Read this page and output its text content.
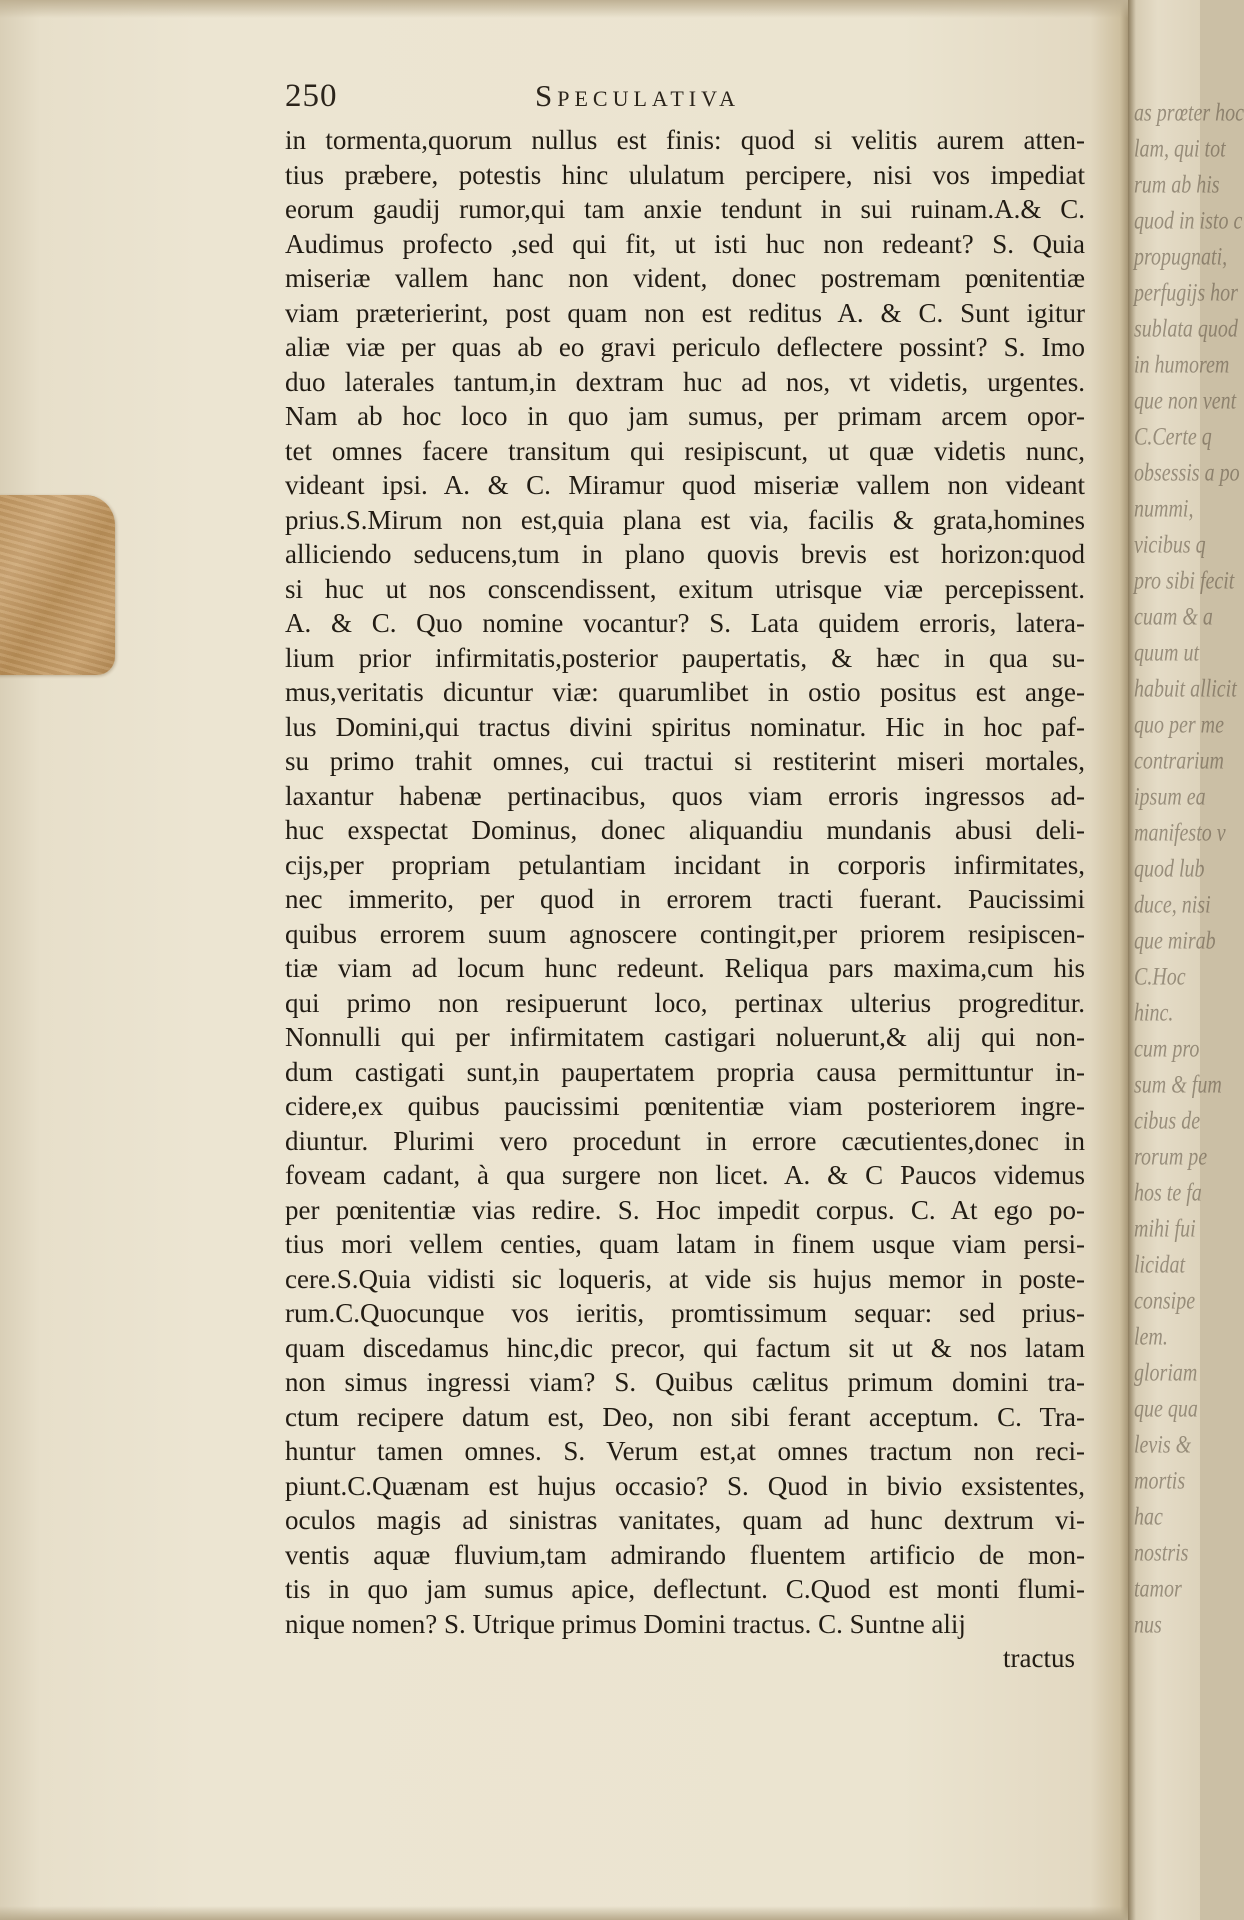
250	Speculativa
in tormenta,quorum nullus est finis: quod si velitis aurem atten-
tius præbere, potestis hinc ululatum percipere, nisi vos impediat
eorum gaudij rumor,qui tam anxie tendunt in sui ruinam.A.& C.
Audimus profecto ,sed qui fit, ut isti huc non redeant? S. Quia
miseriæ vallem hanc non vident, donec postremam pœnitentiæ
viam præterierint, post quam non est reditus A. & C. Sunt igitur
aliæ viæ per quas ab eo gravi periculo deflectere possint? S. Imo
duo laterales tantum,in dextram huc ad nos, vt videtis, urgentes.
Nam ab hoc loco in quo jam sumus, per primam arcem opor-
tet omnes facere transitum qui resipiscunt, ut quæ videtis nunc,
videant ipsi. A. & C. Miramur quod miseriæ vallem non videant
prius.S.Mirum non est,quia plana est via, facilis & grata,homines
alliciendo seducens,tum in plano quovis brevis est horizon:quod
si huc ut nos conscendissent, exitum utrisque viæ percepissent.
A. & C. Quo nomine vocantur? S. Lata quidem erroris, latera-
lium prior infirmitatis,posterior paupertatis, & hæc in qua su-
mus,veritatis dicuntur viæ: quarumlibet in ostio positus est ange-
lus Domini,qui tractus divini spiritus nominatur. Hic in hoc paf-
su primo trahit omnes, cui tractui si restiterint miseri mortales,
laxantur habenæ pertinacibus, quos viam erroris ingressos ad-
huc exspectat Dominus, donec aliquandiu mundanis abusi deli-
cijs,per propriam petulantiam incidant in corporis infirmitates,
nec immerito, per quod in errorem tracti fuerant. Paucissimi
quibus errorem suum agnoscere contingit,per priorem resipiscen-
tiæ viam ad locum hunc redeunt. Reliqua pars maxima,cum his
qui primo non resipuerunt loco, pertinax ulterius progreditur.
Nonnulli qui per infirmitatem castigari noluerunt,& alij qui non-
dum castigati sunt,in paupertatem propria causa permittuntur in-
cidere,ex quibus paucissimi pœnitentiæ viam posteriorem ingre-
diuntur. Plurimi vero procedunt in errore cæcutientes,donec in
foveam cadant, à qua surgere non licet. A. & C Paucos videmus
per pœnitentiæ vias redire. S. Hoc impedit corpus. C. At ego po-
tius mori vellem centies, quam latam in finem usque viam persi-
cere.S.Quia vidisti sic loqueris, at vide sis hujus memor in poste-
rum.C.Quocunque vos ieritis, promtissimum sequar: sed prius-
quam discedamus hinc,dic precor, qui factum sit ut & nos latam
non simus ingressi viam? S. Quibus cælitus primum domini tra-
ctum recipere datum est, Deo, non sibi ferant acceptum. C. Tra-
huntur tamen omnes. S. Verum est,at omnes tractum non reci-
piunt.C.Quænam est hujus occasio? S. Quod in bivio exsistentes,
oculos magis ad sinistras vanitates, quam ad hunc dextrum vi-
ventis aquæ fluvium,tam admirando fluentem artificio de mon-
tis in quo jam sumus apice, deflectunt. C.Quod est monti flumi-
nique nomen? S. Utrique primus Domini tractus. C. Suntne alij
tractus
as prœter hoc
lam, qui tot
rum ab his
quod in isto c
propugnati,
perfugijs hor
sublata quod
in humorem
que non vent
C.Certe q
obsessis a po
nummi,
vicibus q
pro sibi fecit
cuam & a
quum ut
habuit allicit
quo per me
contrarium
ipsum ea
manifesto v
quod lub
duce, nisi
que mirab
C.Hoc
hinc.
cum pro
sum & fum
cibus de
rorum pe
hos te fa
mihi fui
licidat
consipe
lem.
gloriam
que qua
levis &
mortis
hac
nostris
tamor
nus
